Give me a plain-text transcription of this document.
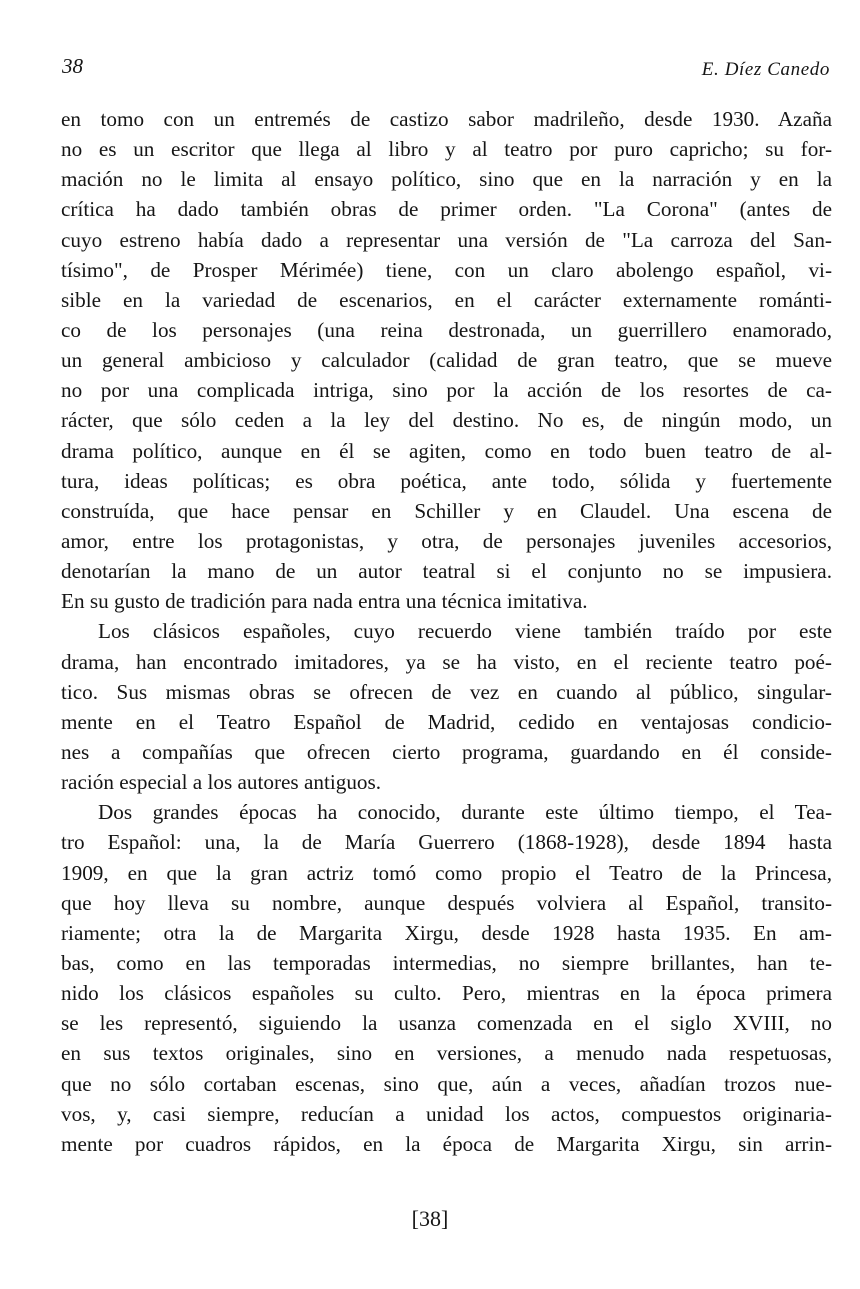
38	E. Díez Canedo
en tomo con un entremés de castizo sabor madrileño, desde 1930. Azaña
no es un escritor que llega al libro y al teatro por puro capricho; su for-
mación no le limita al ensayo político, sino que en la narración y en la
crítica ha dado también obras de primer orden. "La Corona" (antes de
cuyo estreno había dado a representar una versión de "La carroza del San-
tísimo", de Prosper Mérimée) tiene, con un claro abolengo español, vi-
sible en la variedad de escenarios, en el carácter externamente románti-
co de los personajes (una reina destronada, un guerrillero enamorado,
un general ambicioso y calculador (calidad de gran teatro, que se mueve
no por una complicada intriga, sino por la acción de los resortes de ca-
rácter, que sólo ceden a la ley del destino. No es, de ningún modo, un
drama político, aunque en él se agiten, como en todo buen teatro de al-
tura, ideas políticas; es obra poética, ante todo, sólida y fuertemente
construída, que hace pensar en Schiller y en Claudel. Una escena de
amor, entre los protagonistas, y otra, de personajes juveniles accesorios,
denotarían la mano de un autor teatral si el conjunto no se impusiera.
En su gusto de tradición para nada entra una técnica imitativa.
Los clásicos españoles, cuyo recuerdo viene también traído por este
drama, han encontrado imitadores, ya se ha visto, en el reciente teatro poé-
tico. Sus mismas obras se ofrecen de vez en cuando al público, singular-
mente en el Teatro Español de Madrid, cedido en ventajosas condicio-
nes a compañías que ofrecen cierto programa, guardando en él conside-
ración especial a los autores antiguos.
Dos grandes épocas ha conocido, durante este último tiempo, el Tea-
tro Español: una, la de María Guerrero (1868-1928), desde 1894 hasta
1909, en que la gran actriz tomó como propio el Teatro de la Princesa,
que hoy lleva su nombre, aunque después volviera al Español, transito-
riamente; otra la de Margarita Xirgu, desde 1928 hasta 1935. En am-
bas, como en las temporadas intermedias, no siempre brillantes, han te-
nido los clásicos españoles su culto. Pero, mientras en la época primera
se les representó, siguiendo la usanza comenzada en el siglo XVIII, no
en sus textos originales, sino en versiones, a menudo nada respetuosas,
que no sólo cortaban escenas, sino que, aún a veces, añadían trozos nue-
vos, y, casi siempre, reducían a unidad los actos, compuestos originaria-
mente por cuadros rápidos, en la época de Margarita Xirgu, sin arrin-
[38]
